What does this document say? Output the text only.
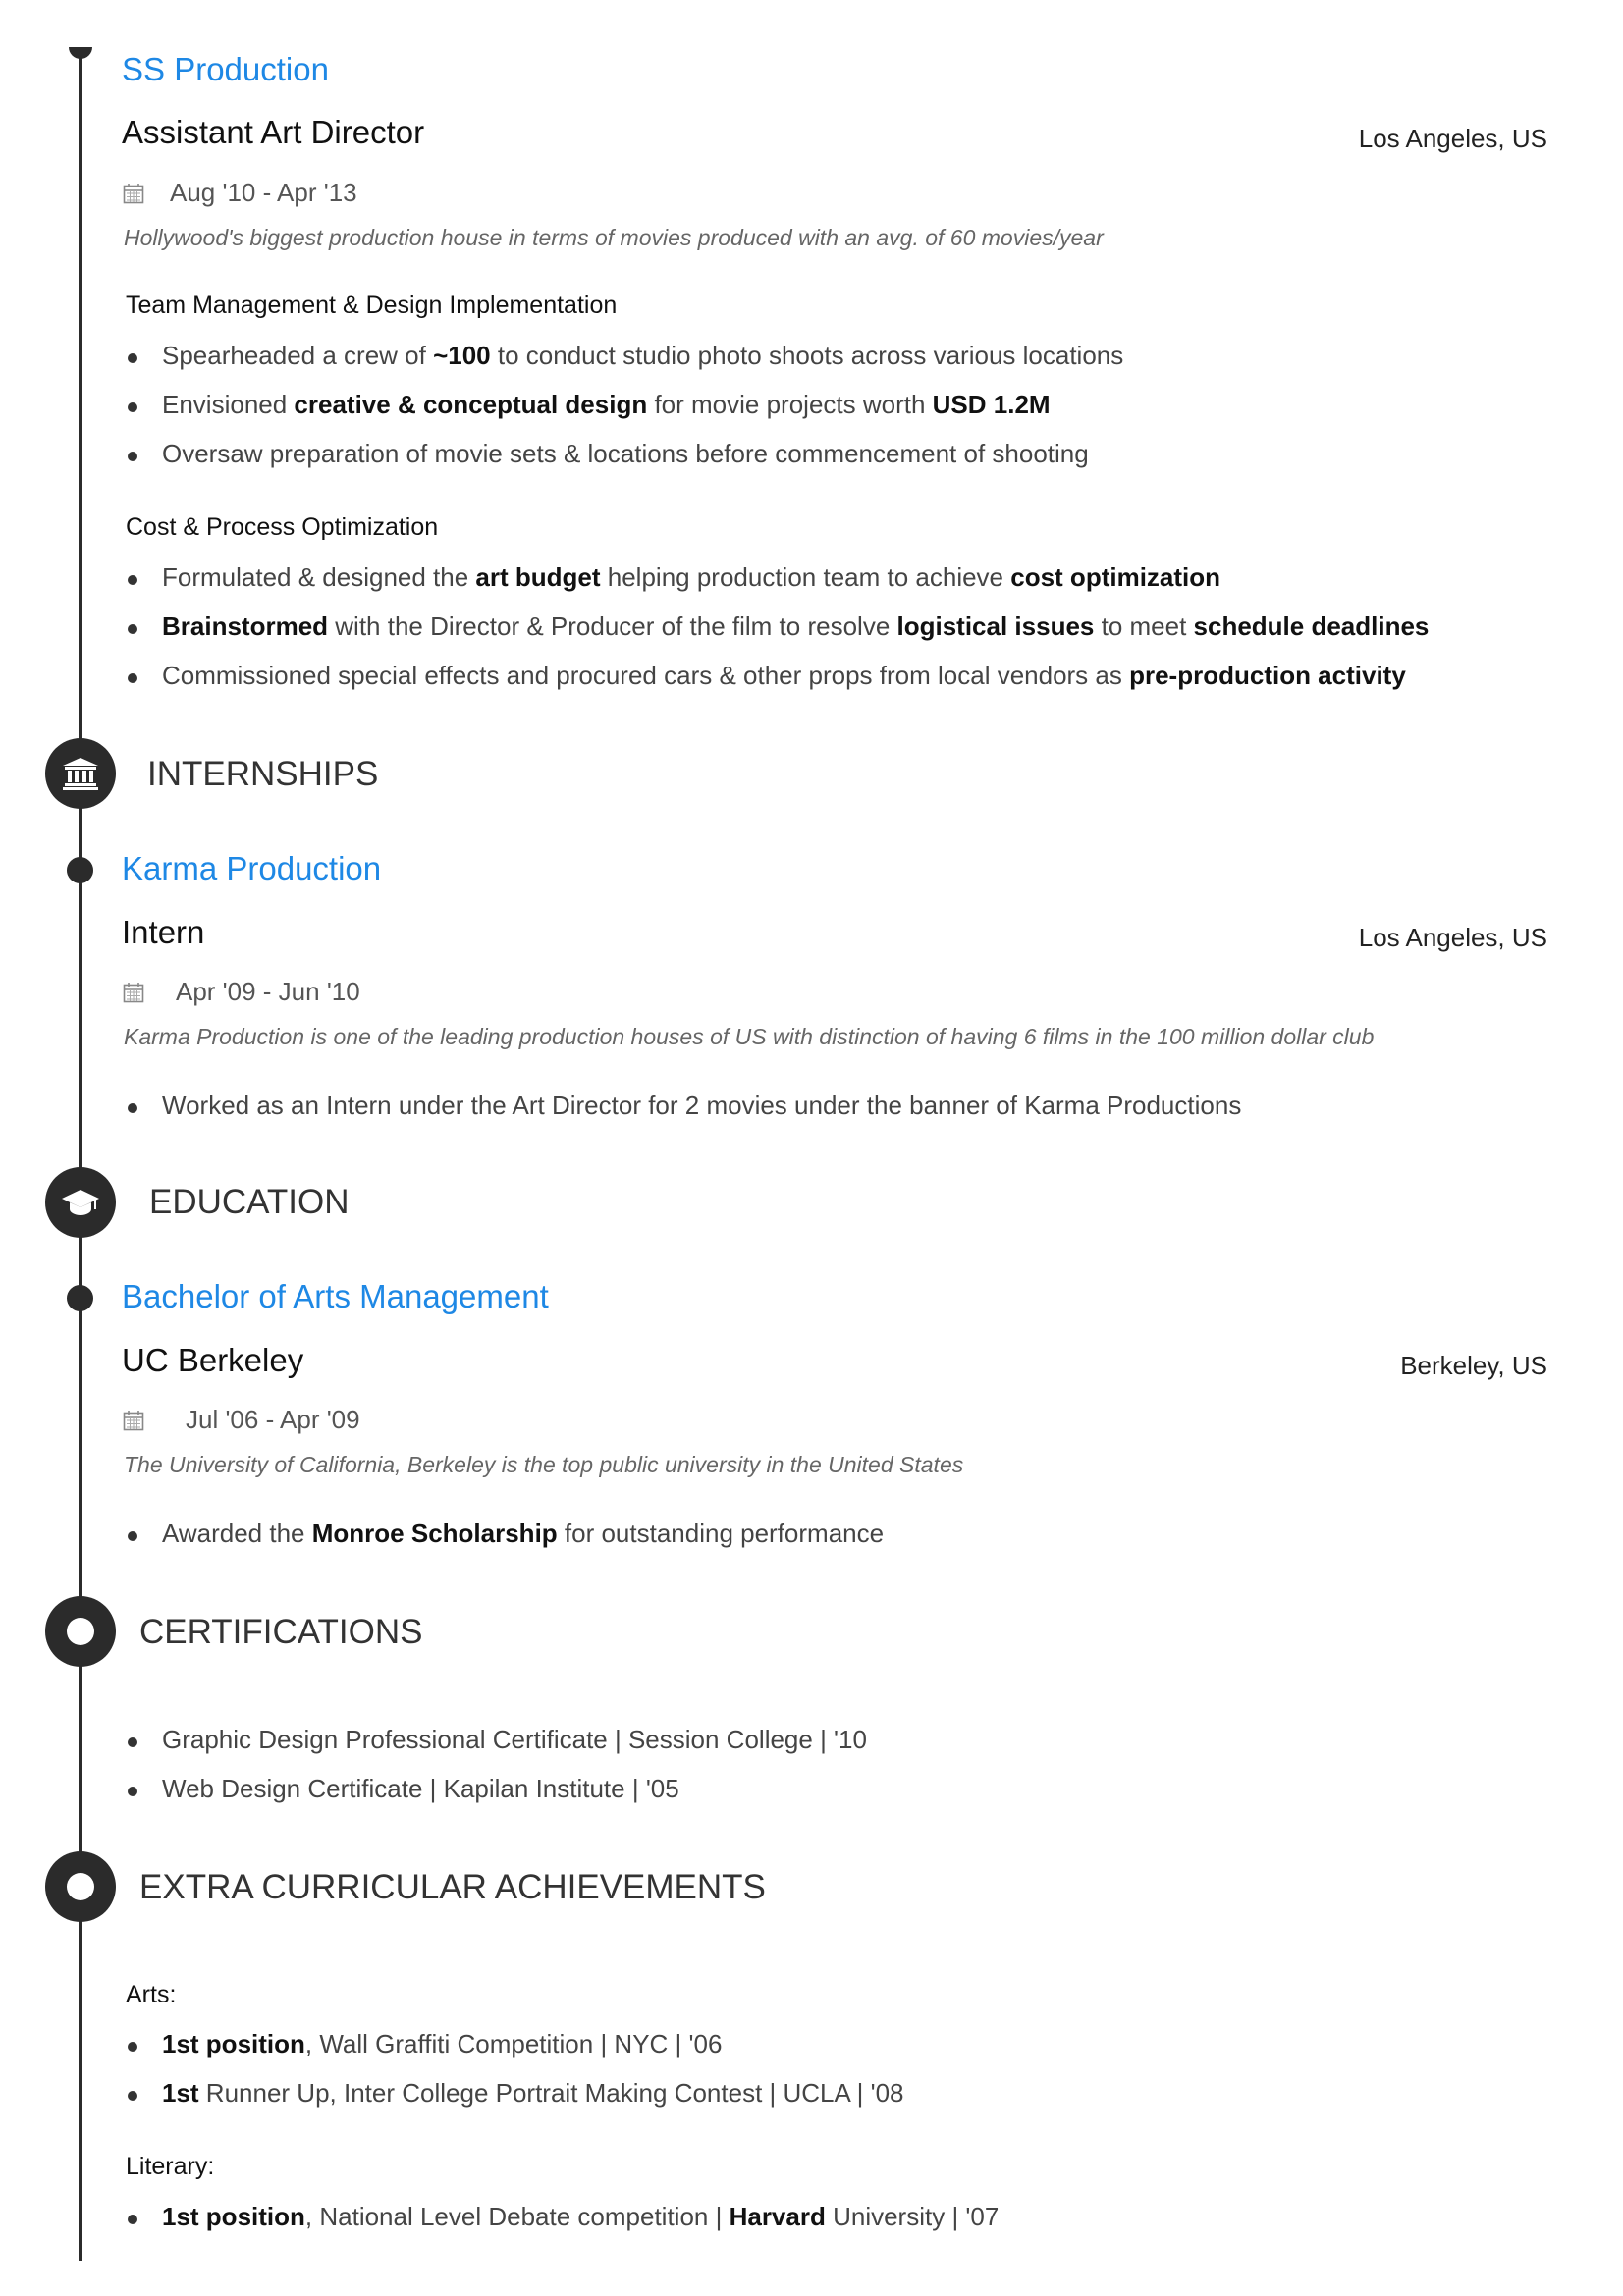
SS Production
Assistant Art Director	Los Angeles, US
Aug '10 - Apr '13
Hollywood's biggest production house in terms of movies produced with an avg. of 60 movies/year
Team Management & Design Implementation
Spearheaded a crew of ~100 to conduct studio photo shoots across various locations
Envisioned creative & conceptual design for movie projects worth USD 1.2M
Oversaw preparation of movie sets & locations before commencement of shooting
Cost & Process Optimization
Formulated & designed the art budget helping production team to achieve cost optimization
Brainstormed with the Director & Producer of the film to resolve logistical issues to meet schedule deadlines
Commissioned special effects and procured cars & other props from local vendors as pre-production activity
INTERNSHIPS
Karma Production
Intern	Los Angeles, US
Apr '09 - Jun '10
Karma Production is one of the leading production houses of US with distinction of having 6 films in the 100 million dollar club
Worked as an Intern under the Art Director for 2 movies under the banner of Karma Productions
EDUCATION
Bachelor of Arts Management
UC Berkeley	Berkeley, US
Jul '06 - Apr '09
The University of California, Berkeley is the top public university in the United States
Awarded the Monroe Scholarship for outstanding performance
CERTIFICATIONS
Graphic Design Professional Certificate | Session College | '10
Web Design Certificate | Kapilan Institute | '05
EXTRA CURRICULAR ACHIEVEMENTS
Arts:
1st position, Wall Graffiti Competition | NYC | '06
1st Runner Up, Inter College Portrait Making Contest | UCLA | '08
Literary:
1st position, National Level Debate competition | Harvard University | '07
